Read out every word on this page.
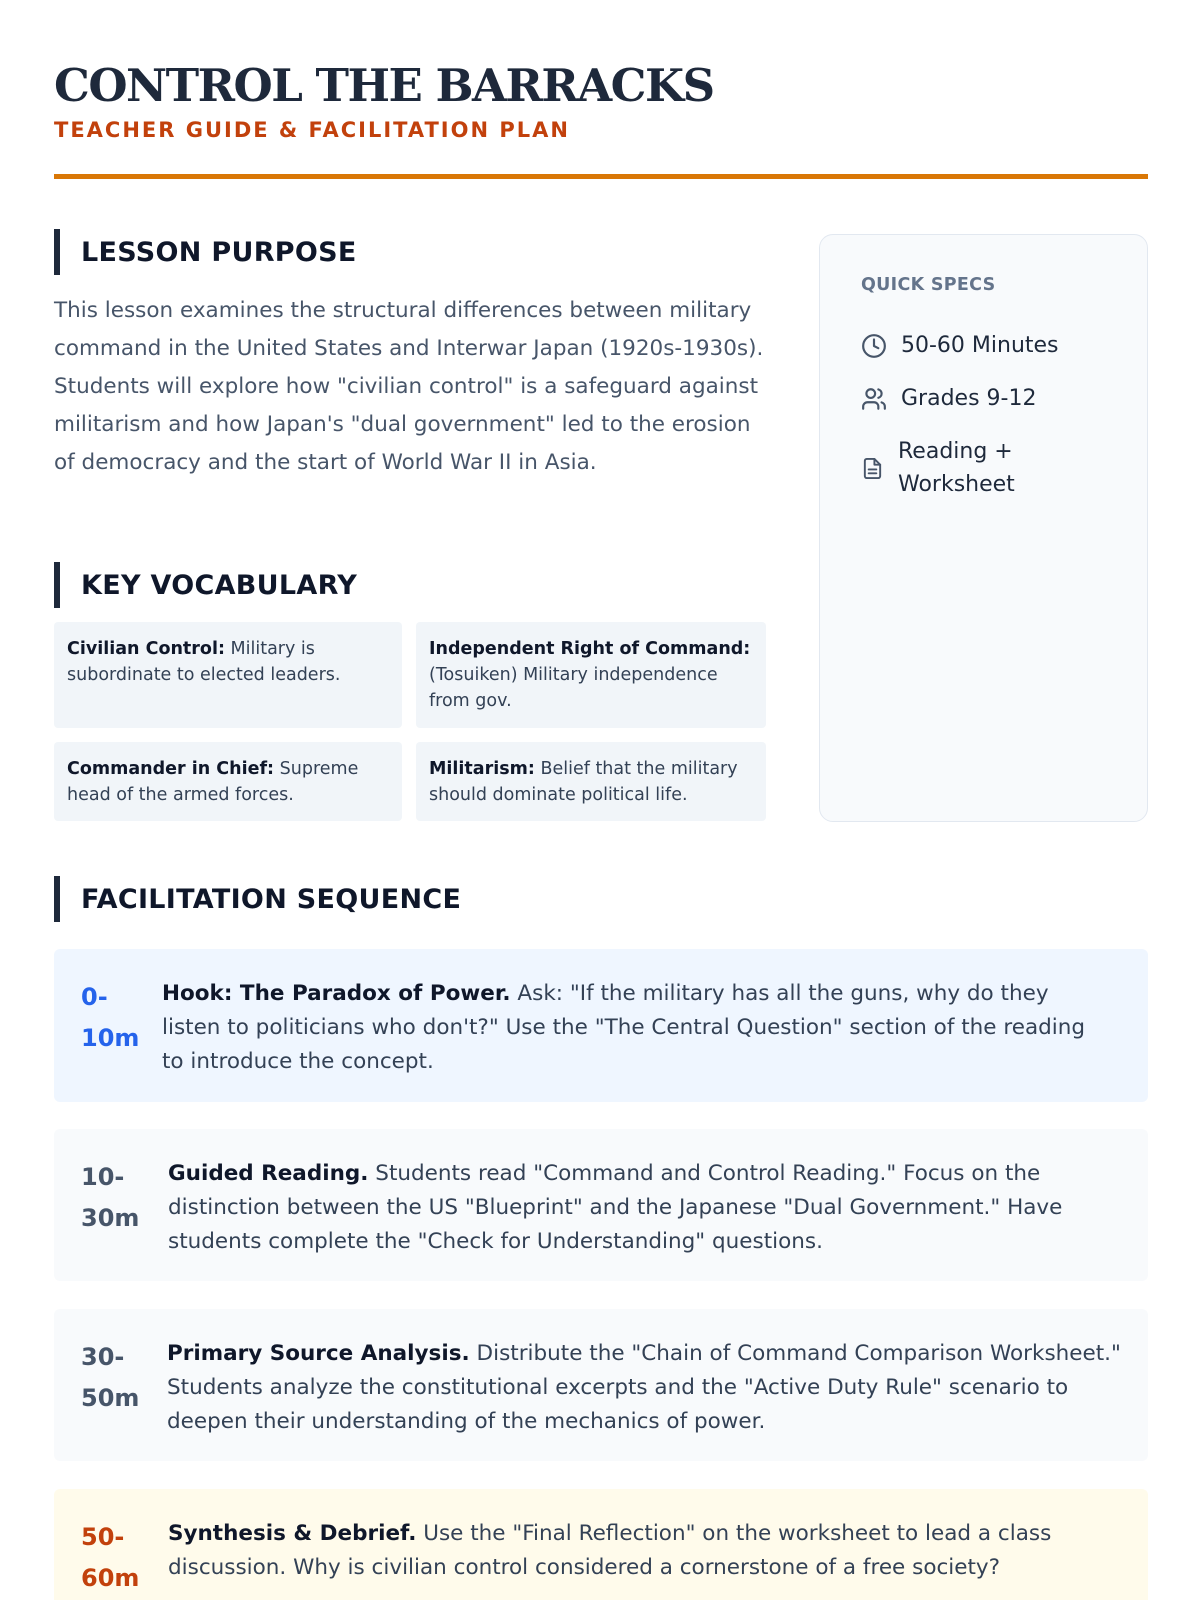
CONTROL THE BARRACKS
TEACHER GUIDE & FACILITATION PLAN
LESSON PURPOSE
This lesson examines the structural differences between military command in the United States and Interwar Japan (1920s-1930s). Students will explore how "civilian control" is a safeguard against militarism and how Japan's "dual government" led to the erosion of democracy and the start of World War II in Asia.
KEY VOCABULARY
Civilian Control: Military is subordinate to elected leaders.
Independent Right of Command: (Tosuiken) Military independence from gov.
Commander in Chief: Supreme head of the armed forces.
Militarism: Belief that the military should dominate political life.
QUICK SPECS
50-60 Minutes
Grades 9-12
Reading + Worksheet
FACILITATION SEQUENCE
0-10m
Hook: The Paradox of Power. Ask: "If the military has all the guns, why do they listen to politicians who don't?" Use the "The Central Question" section of the reading to introduce the concept.
10-30m
Guided Reading. Students read "Command and Control Reading." Focus on the distinction between the US "Blueprint" and the Japanese "Dual Government." Have students complete the "Check for Understanding" questions.
30-50m
Primary Source Analysis. Distribute the "Chain of Command Comparison Worksheet." Students analyze the constitutional excerpts and the "Active Duty Rule" scenario to deepen their understanding of the mechanics of power.
50-60m
Synthesis & Debrief. Use the "Final Reflection" on the worksheet to lead a class discussion. Why is civilian control considered a cornerstone of a free society?
